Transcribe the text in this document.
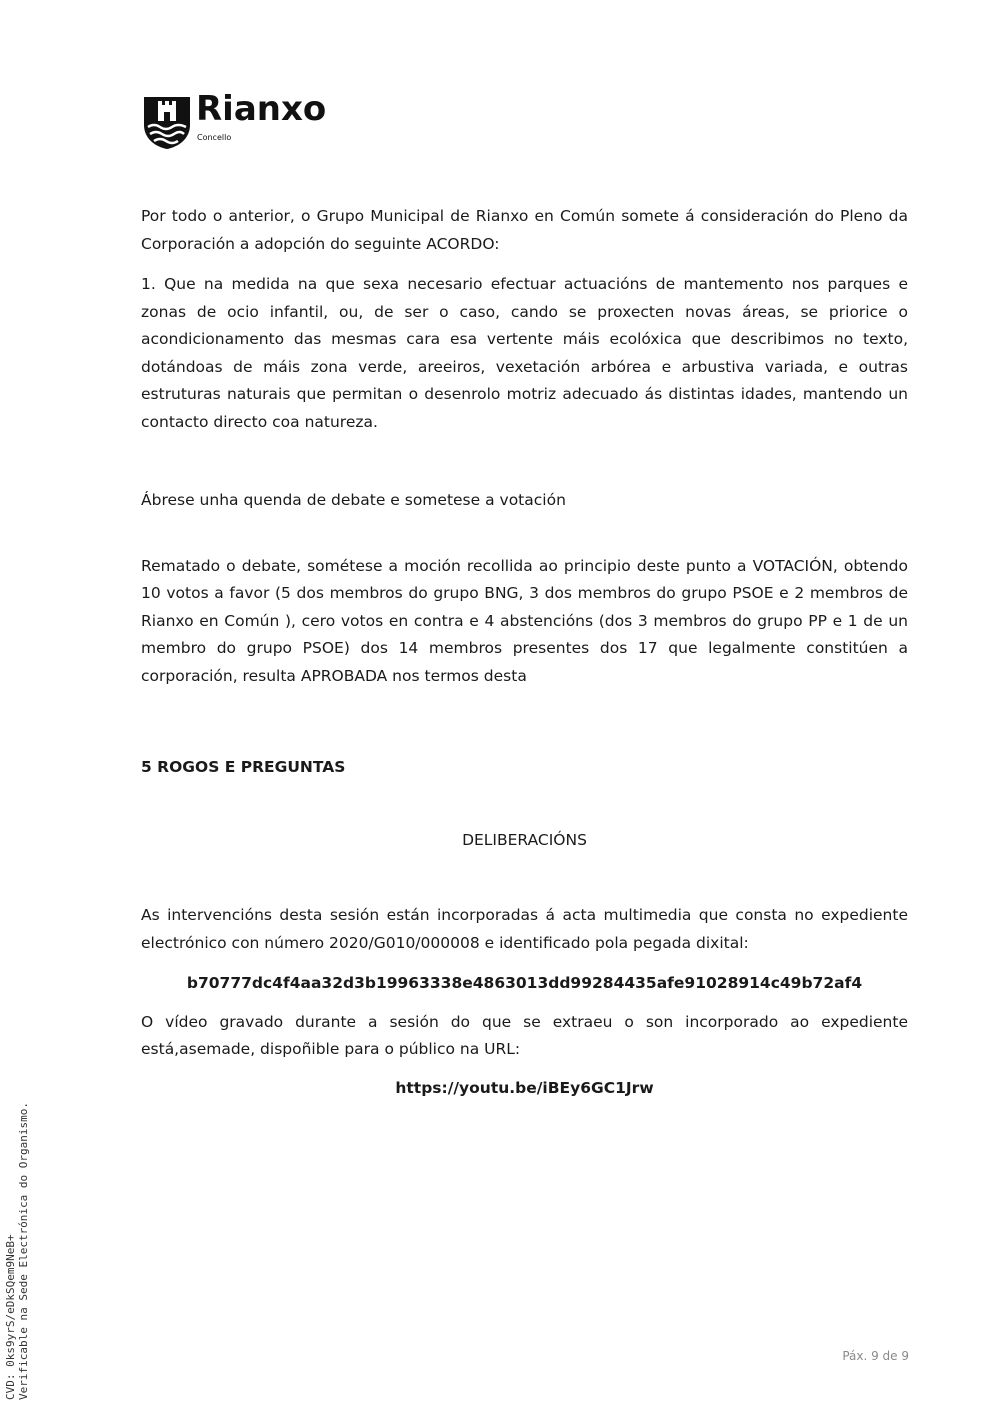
Rianxo
Concello

Por todo o anterior, o Grupo Municipal de Rianxo en Común somete á consideración do Pleno da Corporación a adopción do seguinte ACORDO:

1. Que na medida na que sexa necesario efectuar actuacións de mantemento nos parques e zonas de ocio infantil, ou, de ser o caso, cando se proxecten novas áreas, se priorice o acondicionamento das mesmas cara esa vertente máis ecolóxica que describimos no texto, dotándoas de máis zona verde, areeiros, vexetación arbórea e arbustiva variada, e outras estruturas naturais que permitan o desenrolo motriz adecuado ás distintas idades, mantendo un contacto directo coa natureza.

Ábrese unha quenda de debate e sometese a votación

Rematado o debate, sométese a moción recollida ao principio deste punto a VOTACIÓN, obtendo 10 votos a favor (5 dos membros do grupo BNG, 3 dos membros do grupo PSOE e 2 membros de Rianxo en Común ), cero votos en contra e 4 abstencións (dos 3 membros do grupo PP e 1 de un membro do grupo PSOE) dos 14 membros presentes dos 17 que legalmente constitúen a corporación, resulta APROBADA nos termos desta

5 ROGOS E PREGUNTAS

DELIBERACIÓNS

As intervencións desta sesión están incorporadas á acta multimedia que consta no expediente electrónico con número 2020/G010/000008 e identificado pola pegada dixital:

b70777dc4f4aa32d3b19963338e4863013dd99284435afe91028914c49b72af4

O vídeo gravado durante a sesión do que se extraeu o son incorporado ao expediente está,asemade, dispoñible para o público na URL:

https://youtu.be/iBEy6GC1Jrw

CVD: 0ks9yrS/eDkSQem9NeB+ Verificable na Sede Electrónica do Organismo.	Páx. 9 de 9
